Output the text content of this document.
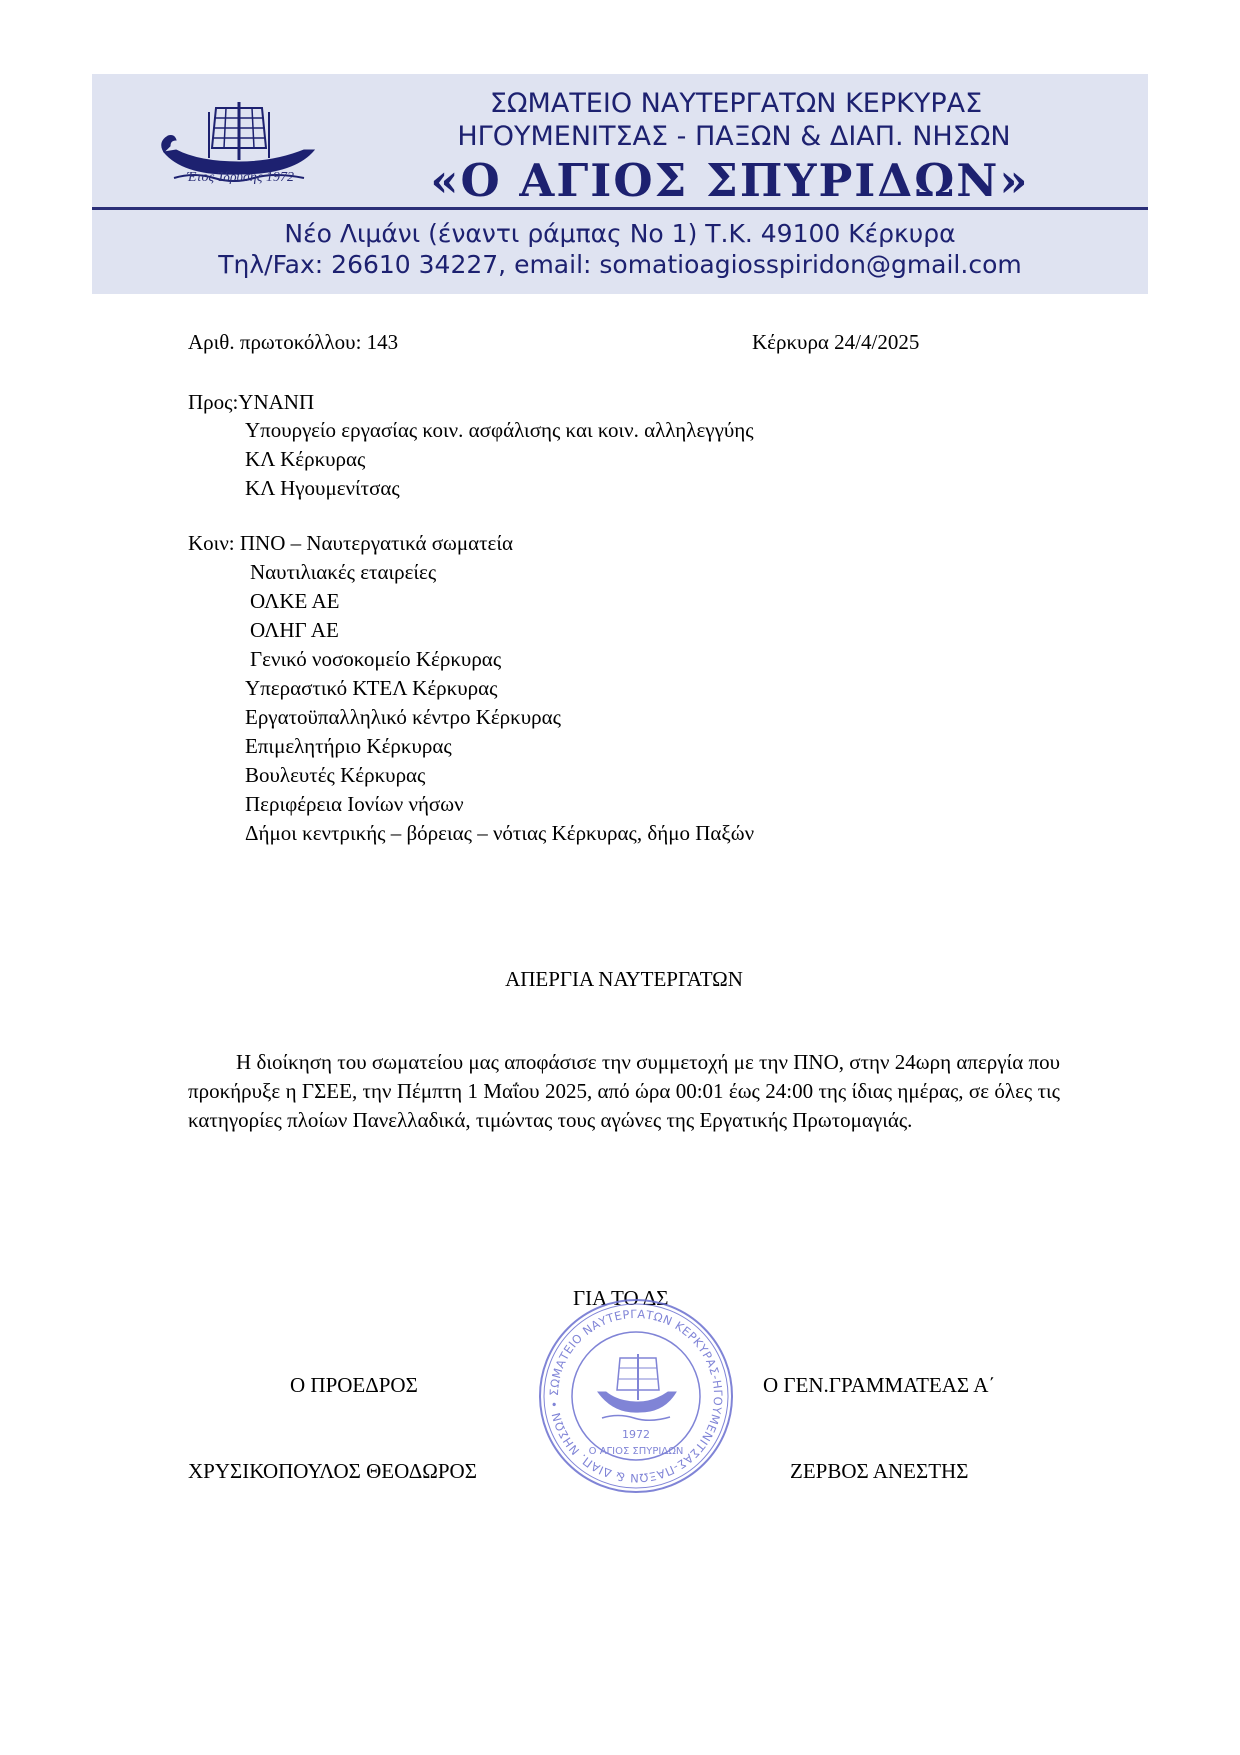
Έτος Ίδρυσης 1972
ΣΩΜΑΤΕΙΟ ΝΑΥΤΕΡΓΑΤΩΝ ΚΕΡΚΥΡΑΣ
ΗΓΟΥΜΕΝΙΤΣΑΣ - ΠΑΞΩΝ & ΔΙΑΠ. ΝΗΣΩΝ
«Ο ΑΓΙΟΣ ΣΠΥΡΙΔΩΝ»
Νέο Λιμάνι (έναντι ράμπας Νο 1) Τ.Κ. 49100 Κέρκυρα
Τηλ/Fax: 26610 34227, email: somatioagiosspiridon@gmail.com
Αριθ. πρωτοκόλλου: 143	Κέρκυρα 24/4/2025
Προς:ΥΝΑΝΠ
Υπουργείο εργασίας κοιν. ασφάλισης και κοιν. αλληλεγγύης
ΚΛ Κέρκυρας
ΚΛ Ηγουμενίτσας
Κοιν: ΠΝΟ – Ναυτεργατικά σωματεία
Ναυτιλιακές εταιρείες
ΟΛΚΕ ΑΕ
ΟΛΗΓ ΑΕ
Γενικό νοσοκομείο Κέρκυρας
Υπεραστικό ΚΤΕΛ Κέρκυρας
Εργατοϋπαλληλικό κέντρο Κέρκυρας
Επιμελητήριο Κέρκυρας
Βουλευτές Κέρκυρας
Περιφέρεια Ιονίων νήσων
Δήμοι κεντρικής – βόρειας – νότιας Κέρκυρας, δήμο Παξών
ΑΠΕΡΓΙΑ ΝΑΥΤΕΡΓΑΤΩΝ

Η διοίκηση του σωματείου μας αποφάσισε την συμμετοχή με την ΠΝΟ, στην 24ωρη απεργία που προκήρυξε η ΓΣΕΕ, την Πέμπτη 1 Μαΐου 2025, από ώρα 00:01 έως 24:00 της ίδιας ημέρας, σε όλες τις κατηγορίες πλοίων Πανελλαδικά, τιμώντας τους αγώνες της Εργατικής Πρωτομαγιάς.

ΓΙΑ ΤΟ ΔΣ
Ο ΠΡΟΕΔΡΟΣ
ΧΡΥΣΙΚΟΠΟΥΛΟΣ ΘΕΟΔΩΡΟΣ
Ο ΓΕΝ.ΓΡΑΜΜΑΤΕΑΣ Α΄
ΖΕΡΒΟΣ ΑΝΕΣΤΗΣ
ΣΩΜΑΤΕΙΟ ΝΑΥΤΕΡΓΑΤΩΝ ΚΕΡΚΥΡΑΣ-ΗΓΟΥΜΕΝΙΤΣΑΣ-ΠΑΞΩΝ & ΔΙΑΠ. ΝΗΣΩΝ •
1972
Ο ΑΓΙΟΣ ΣΠΥΡΙΔΩΝ
